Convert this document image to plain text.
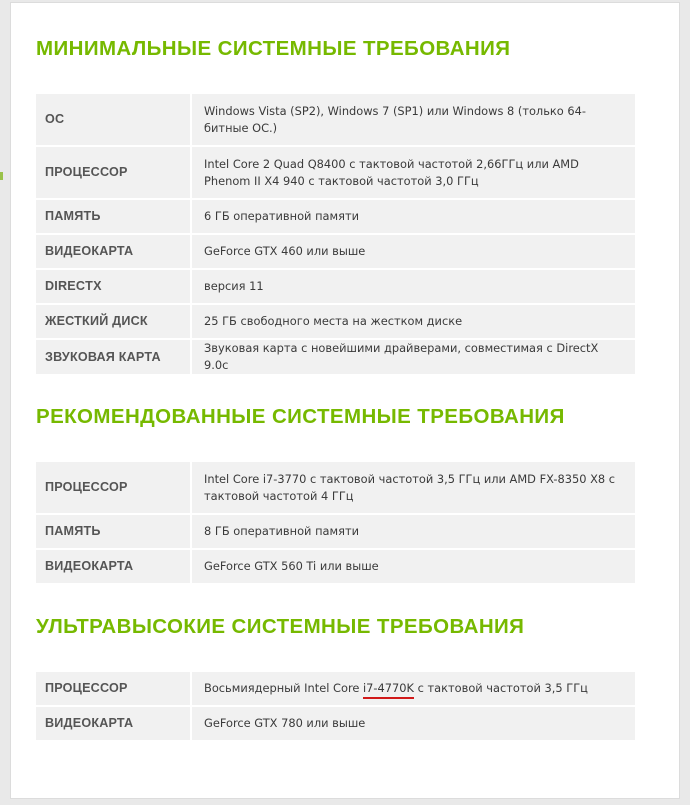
МИНИМАЛЬНЫЕ СИСТЕМНЫЕ ТРЕБОВАНИЯ
ОС	Windows Vista (SP2), Windows 7 (SP1) или Windows 8 (только 64-битные ОС.)
ПРОЦЕССОР	Intel Core 2 Quad Q8400 с тактовой частотой 2,66ГГц или AMD Phenom II X4 940 с тактовой частотой 3,0 ГГц
ПАМЯТЬ	6 ГБ оперативной памяти
ВИДЕОКАРТА	GeForce GTX 460 или выше
DIRECTX	версия 11
ЖЕСТКИЙ ДИСК	25 ГБ свободного места на жестком диске
ЗВУКОВАЯ КАРТА	Звуковая карта с новейшими драйверами, совместимая с DirectX 9.0c
РЕКОМЕНДОВАННЫЕ СИСТЕМНЫЕ ТРЕБОВАНИЯ
ПРОЦЕССОР	Intel Core i7-3770 с тактовой частотой 3,5 ГГц или AMD FX-8350 X8 с тактовой частотой 4 ГГц
ПАМЯТЬ	8 ГБ оперативной памяти
ВИДЕОКАРТА	GeForce GTX 560 Ti или выше
УЛЬТРАВЫСОКИЕ СИСТЕМНЫЕ ТРЕБОВАНИЯ
ПРОЦЕССОР	Восьмиядерный Intel Core i7-4770K с тактовой частотой 3,5 ГГц
ВИДЕОКАРТА	GeForce GTX 780 или выше
